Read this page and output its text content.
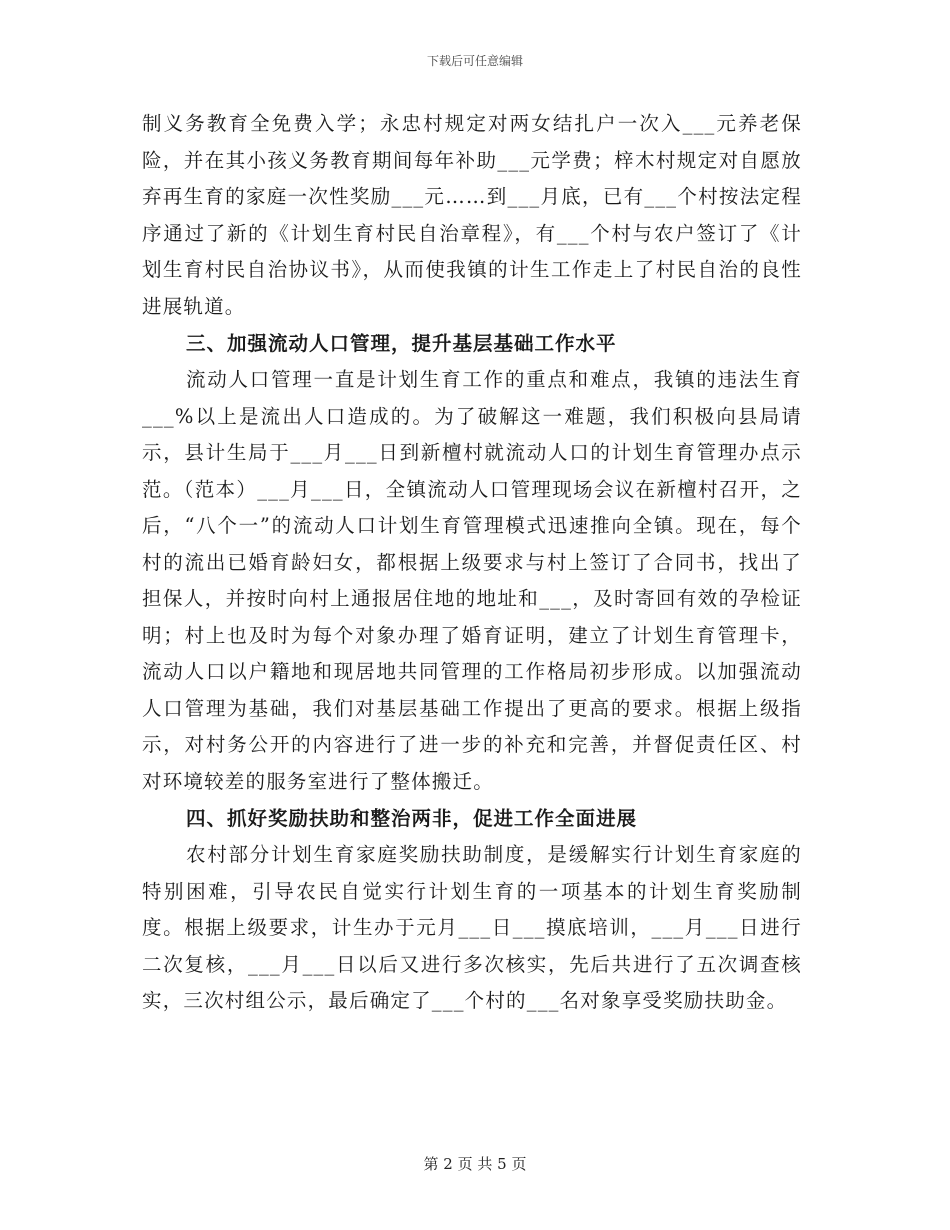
下载后可任意编辑

制义务教育全免费入学；永忠村规定对两女结扎户一次入___元养老保险，并在其小孩义务教育期间每年补助___元学费；梓木村规定对自愿放弃再生育的家庭一次性奖励___元……到___月底，已有___个村按法定程序通过了新的《计划生育村民自治章程》，有___个村与农户签订了《计划生育村民自治协议书》，从而使我镇的计生工作走上了村民自治的良性进展轨道。

三、加强流动人口管理，提升基层基础工作水平

流动人口管理一直是计划生育工作的重点和难点，我镇的违法生育___%以上是流出人口造成的。为了破解这一难题，我们积极向县局请示，县计生局于___月___日到新檀村就流动人口的计划生育管理办点示范。（范本）___月___日，全镇流动人口管理现场会议在新檀村召开，之后，“八个一”的流动人口计划生育管理模式迅速推向全镇。现在，每个村的流出已婚育龄妇女，都根据上级要求与村上签订了合同书，找出了担保人，并按时向村上通报居住地的地址和___，及时寄回有效的孕检证明；村上也及时为每个对象办理了婚育证明，建立了计划生育管理卡，流动人口以户籍地和现居地共同管理的工作格局初步形成。以加强流动人口管理为基础，我们对基层基础工作提出了更高的要求。根据上级指示，对村务公开的内容进行了进一步的补充和完善，并督促责任区、村对环境较差的服务室进行了整体搬迁。

四、抓好奖励扶助和整治两非，促进工作全面进展

农村部分计划生育家庭奖励扶助制度，是缓解实行计划生育家庭的特别困难，引导农民自觉实行计划生育的一项基本的计划生育奖励制度。根据上级要求，计生办于元月___日___摸底培训，___月___日进行二次复核，___月___日以后又进行多次核实，先后共进行了五次调查核实，三次村组公示，最后确定了___个村的___名对象享受奖励扶助金。

第 2 页 共 5 页
